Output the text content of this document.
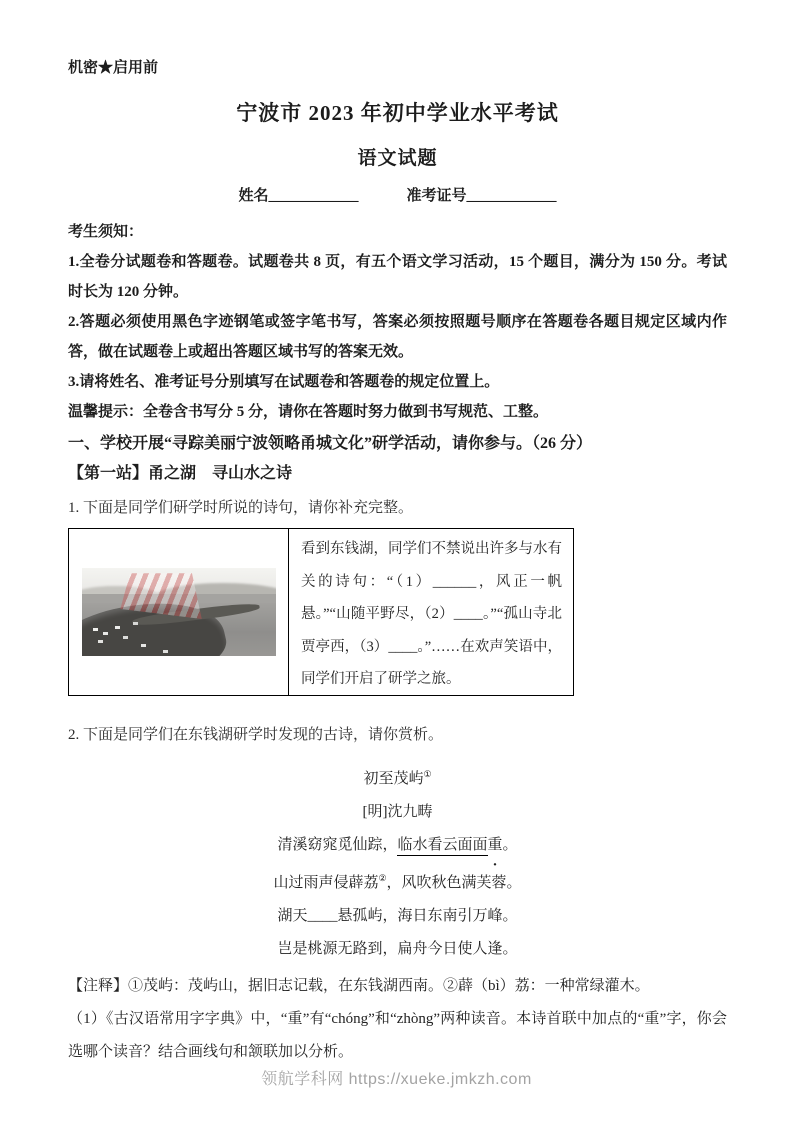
机密★启用前
宁波市 2023 年初中学业水平考试
语文试题
姓名____________	准考证号____________

考生须知：

1.全卷分试题卷和答题卷。试题卷共 8 页，有五个语文学习活动，15 个题目，满分为 150 分。考试时长为 120 分钟。

2.答题必须使用黑色字迹钢笔或签字笔书写，答案必须按照题号顺序在答题卷各题目规定区域内作答，做在试题卷上或超出答题区域书写的答案无效。

3.请将姓名、准考证号分别填写在试题卷和答题卷的规定位置上。

温馨提示：全卷含书写分 5 分，请你在答题时努力做到书写规范、工整。

一、学校开展“寻踪美丽宁波领略甬城文化”研学活动，请你参与。（26 分）
【第一站】甬之湖　寻山水之诗
1. 下面是同学们研学时所说的诗句，请你补充完整。
看到东钱湖，同学们不禁说出许多与水有关的诗句：“（1）______，风正一帆悬。”“山随平野尽，（2）____。”“孤山寺北贾亭西，（3）____。”……在欢声笑语中，同学们开启了研学之旅。
2. 下面是同学们在东钱湖研学时发现的古诗，请你赏析。
初至茂屿①
[明]沈九畴
清溪窈窕觅仙踪，临水看云面面重。
山过雨声侵薜荔②，风吹秋色满芙蓉。
湖天____悬孤屿，海日东南引万峰。
岂是桃源无路到，扁舟今日使人逢。
【注释】①茂屿：茂屿山，据旧志记载，在东钱湖西南。②薜（bì）荔：一种常绿灌木。
（1）《古汉语常用字字典》中，“重”有“chóng”和“zhòng”两种读音。本诗首联中加点的“重”字，你会选哪个读音？结合画线句和颔联加以分析。
领航学科网 https://xueke.jmkzh.com
